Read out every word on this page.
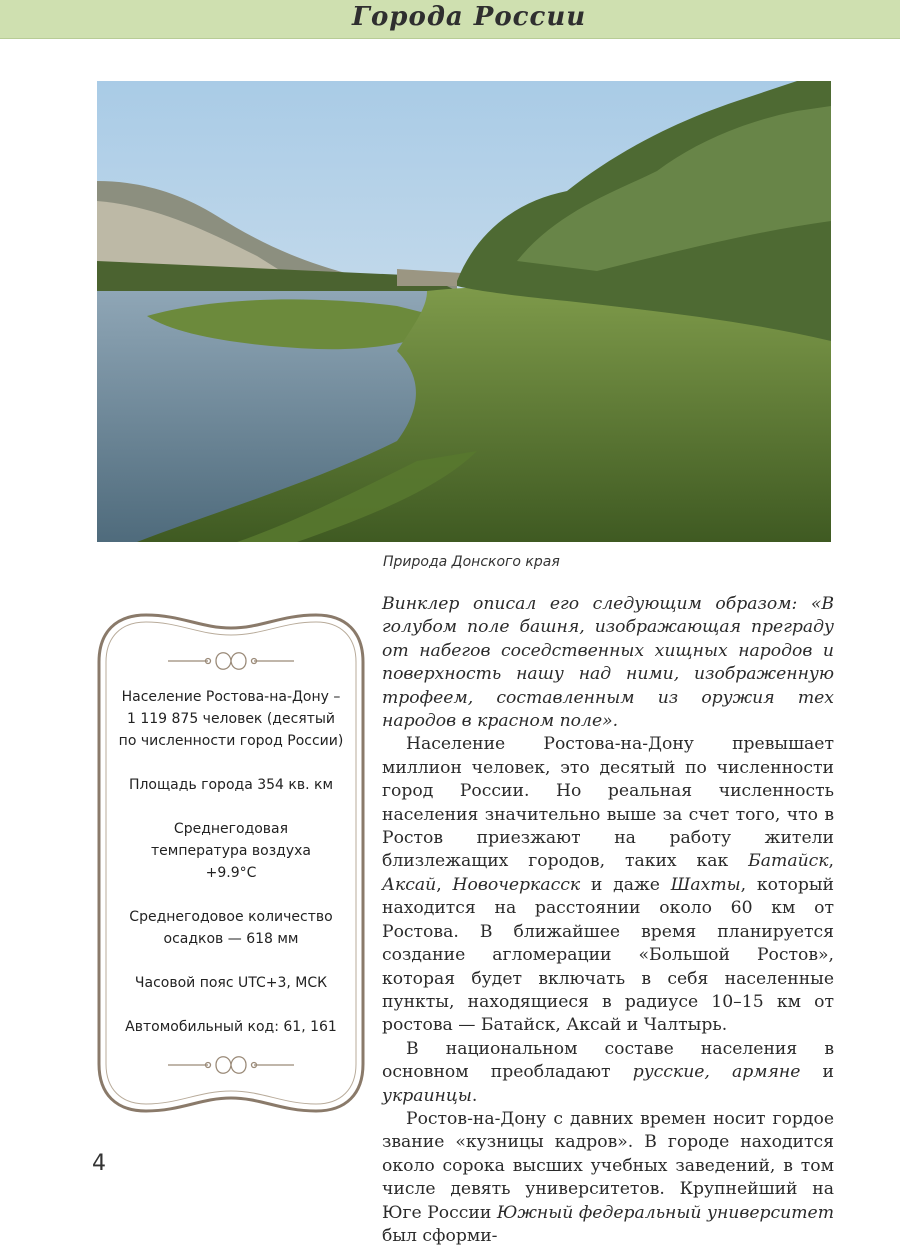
Города России
Природа Донского края

Население Ростова-на-Дону – 1 119 875 человек (десятый по численности город России)

Площадь города 354 кв. км

Среднегодовая температура воздуха +9.9°С

Среднегодовое количество осадков — 618 мм

Часовой пояс UTC+3, МСК

Автомобильный код: 61, 161

Винклер описал его следующим образом: «В голубом поле башня, изображающая преграду от набегов соседственных хищных народов и поверхность нашу над ними, изображенную трофеем, составленным из оружия тех народов в красном поле».

Население Ростова-на-Дону превышает миллион человек, это десятый по численности город России. Но реальная численность населения значительно выше за счет того, что в Ростов приезжают на работу жители близлежащих городов, таких как Батайск, Аксай, Новочеркасск и даже Шахты, который находится на расстоянии около 60 км от Ростова. В ближайшее время планируется создание агломерации «Большой Ростов», которая будет включать в себя населенные пункты, находящиеся в радиусе 10–15 км от ростова — Батайск, Аксай и Чалтырь.

В национальном составе населения в основном преобладают русские, армяне и украинцы.

Ростов-на-Дону с давних времен носит гордое звание «кузницы кадров». В городе находится около сорока высших учебных заведений, в том числе девять университетов. Крупнейший на Юге России Южный федеральный университет был сформи-

4
